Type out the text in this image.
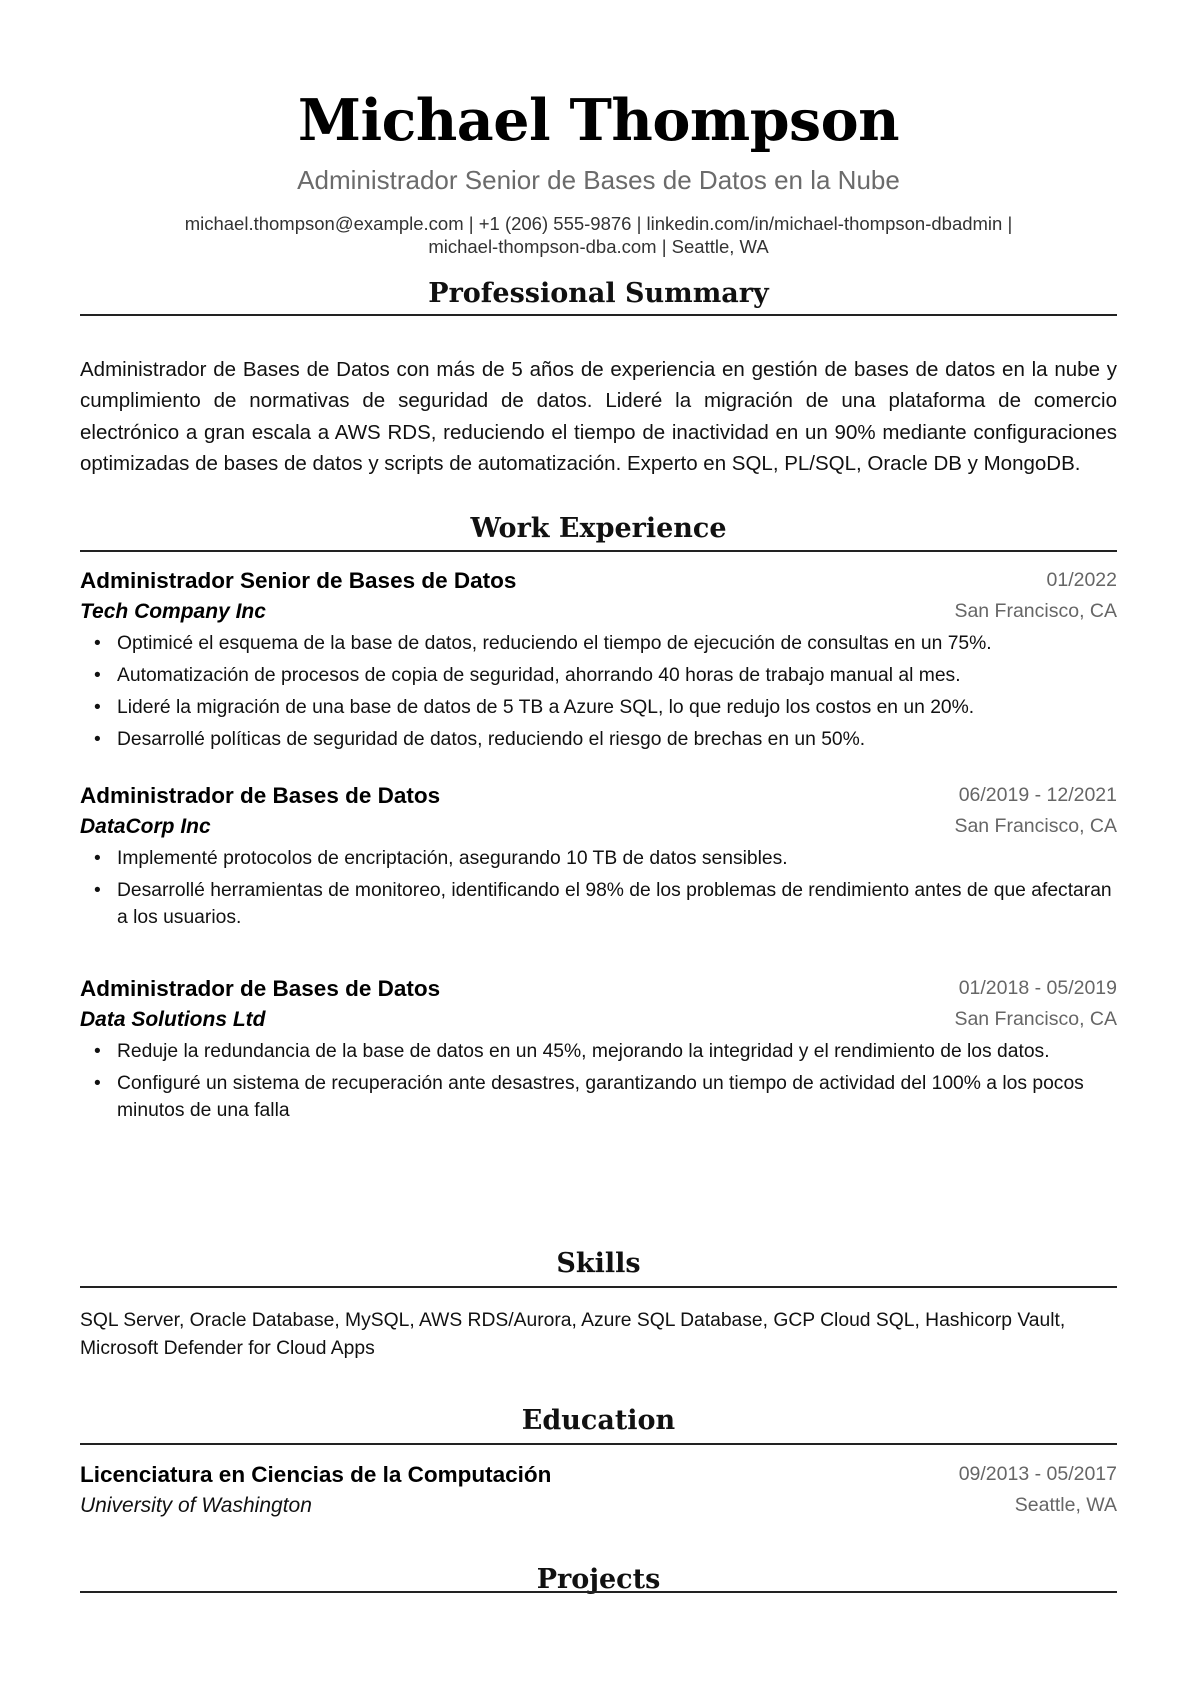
Michael Thompson
Administrador Senior de Bases de Datos en la Nube
michael.thompson@example.com | +1 (206) 555-9876 | linkedin.com/in/michael-thompson-dbadmin |
michael-thompson-dba.com | Seattle, WA
Professional Summary
Administrador de Bases de Datos con más de 5 años de experiencia en gestión de bases de datos en la nube y cumplimiento de normativas de seguridad de datos. Lideré la migración de una plataforma de comercio electrónico a gran escala a AWS RDS, reduciendo el tiempo de inactividad en un 90% mediante configuraciones optimizadas de bases de datos y scripts de automatización. Experto en SQL, PL/SQL, Oracle DB y MongoDB.
Work Experience
Administrador Senior de Bases de Datos	01/2022
Tech Company Inc	San Francisco, CA
• Optimicé el esquema de la base de datos, reduciendo el tiempo de ejecución de consultas en un 75%.
• Automatización de procesos de copia de seguridad, ahorrando 40 horas de trabajo manual al mes.
• Lideré la migración de una base de datos de 5 TB a Azure SQL, lo que redujo los costos en un 20%.
• Desarrollé políticas de seguridad de datos, reduciendo el riesgo de brechas en un 50%.
Administrador de Bases de Datos	06/2019 - 12/2021
DataCorp Inc	San Francisco, CA
• Implementé protocolos de encriptación, asegurando 10 TB de datos sensibles.
• Desarrollé herramientas de monitoreo, identificando el 98% de los problemas de rendimiento antes de que afectaran a los usuarios.
Administrador de Bases de Datos	01/2018 - 05/2019
Data Solutions Ltd	San Francisco, CA
• Reduje la redundancia de la base de datos en un 45%, mejorando la integridad y el rendimiento de los datos.
• Configuré un sistema de recuperación ante desastres, garantizando un tiempo de actividad del 100% a los pocos minutos de una falla
Skills
SQL Server, Oracle Database, MySQL, AWS RDS/Aurora, Azure SQL Database, GCP Cloud SQL, Hashicorp Vault, Microsoft Defender for Cloud Apps
Education
Licenciatura en Ciencias de la Computación	09/2013 - 05/2017
University of Washington	Seattle, WA
Projects
